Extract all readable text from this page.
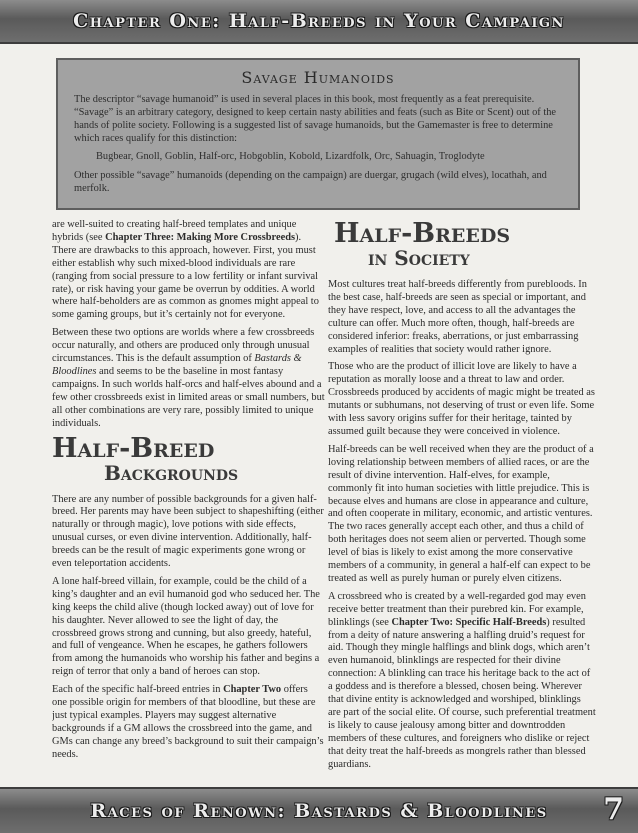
Chapter One: Half-Breeds in Your Campaign
Savage Humanoids

The descriptor “savage humanoid” is used in several places in this book, most frequently as a feat prerequisite. “Savage” is an arbitrary category, designed to keep certain nasty abilities and feats (such as Bite or Scent) out of the hands of polite society. Following is a suggested list of savage humanoids, but the Gamemaster is free to determine which races qualify for this distinction:

Bugbear, Gnoll, Goblin, Half-orc, Hobgoblin, Kobold, Lizardfolk, Orc, Sahuagin, Troglodyte

Other possible “savage” humanoids (depending on the campaign) are duergar, grugach (wild elves), locathah, and merfolk.

are well-suited to creating half-breed templates and unique hybrids (see Chapter Three: Making More Crossbreeds). There are drawbacks to this approach, however. First, you must either establish why such mixed-blood individuals are rare (ranging from social pressure to a low fertility or infant survival rate), or risk having your game be overrun by oddities. A world where half-beholders are as common as gnomes might appeal to some gaming groups, but it’s certainly not for everyone.

Between these two options are worlds where a few crossbreeds occur naturally, and others are produced only through unusual circumstances. This is the default assumption of Bastards & Bloodlines and seems to be the baseline in most fantasy campaigns. In such worlds half-orcs and half-elves abound and a few other crossbreeds exist in limited areas or small numbers, but all other combinations are very rare, possibly limited to unique individuals.

Half-Breed
Backgrounds

There are any number of possible backgrounds for a given half-breed. Her parents may have been subject to shapeshifting (either naturally or through magic), love potions with side effects, unusual curses, or even divine intervention. Additionally, half-breeds can be the result of magic experiments gone wrong or even teleportation accidents.

A lone half-breed villain, for example, could be the child of a king’s daughter and an evil humanoid god who seduced her. The king keeps the child alive (though locked away) out of love for his daughter. Never allowed to see the light of day, the crossbreed grows strong and cunning, but also greedy, hateful, and full of vengeance. When he escapes, he gathers followers from among the humanoids who worship his father and begins a reign of terror that only a band of heroes can stop.

Each of the specific half-breed entries in Chapter Two offers one possible origin for members of that bloodline, but these are just typical examples. Players may suggest alternative backgrounds if a GM allows the crossbreed into the game, and GMs can change any breed’s background to suit their campaign’s needs.

Half-Breeds
in Society

Most cultures treat half-breeds differently from purebloods. In the best case, half-breeds are seen as special or important, and they have respect, love, and access to all the advantages the culture can offer. Much more often, though, half-breeds are considered inferior: freaks, aberrations, or just embarrassing examples of realities that society would rather ignore.

Those who are the product of illicit love are likely to have a reputation as morally loose and a threat to law and order. Crossbreeds produced by accidents of magic might be treated as mutants or subhumans, not deserving of trust or even life. Some with less savory origins suffer for their heritage, tainted by assumed guilt because they were conceived in violence.

Half-breeds can be well received when they are the product of a loving relationship between members of allied races, or are the result of divine intervention. Half-elves, for example, commonly fit into human societies with little prejudice. This is because elves and humans are close in appearance and culture, and often cooperate in military, economic, and artistic ventures. The two races generally accept each other, and thus a child of both heritages does not seem alien or perverted. Though some level of bias is likely to exist among the more conservative members of a community, in general a half-elf can expect to be treated as well as purely human or purely elven citizens.

A crossbreed who is created by a well-regarded god may even receive better treatment than their purebred kin. For example, blinklings (see Chapter Two: Specific Half-Breeds) resulted from a deity of nature answering a halfling druid’s request for aid. Though they mingle halflings and blink dogs, which aren’t even humanoid, blinklings are respected for their divine connection: A blinkling can trace his heritage back to the act of a goddess and is therefore a blessed, chosen being. Wherever that divine entity is acknowledged and worshiped, blinklings are part of the social elite. Of course, such preferential treatment is likely to cause jealousy among bitter and downtrodden members of these cultures, and foreigners who dislike or reject that deity treat the half-breeds as mongrels rather than blessed guardians.

Races of Renown: Bastards & Bloodlines 7
